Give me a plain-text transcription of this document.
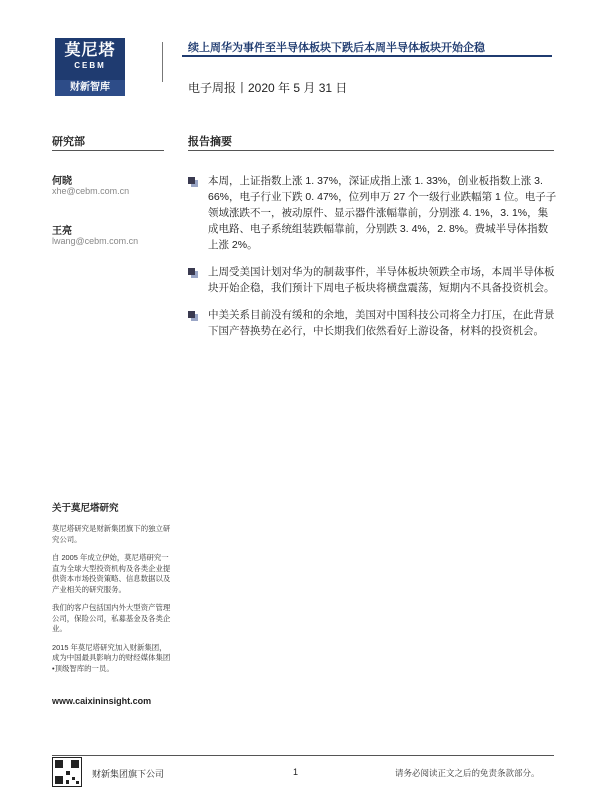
莫尼塔
CEBM
财新智库
续上周华为事件至半导体板块下跌后本周半导体板块开始企稳
电子周报丨2020 年 5 月 31 日
研究部	报告摘要
何晓
xhe@cebm.com.cn
王亮
lwang@cebm.com.cn
本周，上证指数上涨 1. 37%，深证成指上涨 1. 33%，创业板指数上涨 3. 66%，电子行业下跌 0. 47%，位列申万 27 个一级行业跌幅第 1 位。电子子领域涨跌不一，被动原件、显示器件涨幅靠前，分别涨 4. 1%，3. 1%，集成电路、电子系统组装跌幅靠前，分别跌 3. 4%，2. 8%。费城半导体指数上涨 2%。
上周受美国计划对华为的制裁事件，半导体板块领跌全市场，本周半导体板块开始企稳，我们预计下周电子板块将横盘震荡，短期内不具备投资机会。
中美关系目前没有缓和的余地，美国对中国科技公司将全力打压，在此背景下国产替换势在必行，中长期我们依然看好上游设备，材料的投资机会。
关于莫尼塔研究

莫尼塔研究是财新集团旗下的独立研究公司。

自 2005 年成立伊始，莫尼塔研究一直为全球大型投资机构及各类企业提供资本市场投资策略、信息数据以及产业相关的研究服务。

我们的客户包括国内外大型资产管理公司，保险公司，私募基金及各类企业。

2015 年莫尼塔研究加入财新集团，成为中国最具影响力的财经媒体集团•顶级智库的一员。

www.caixininsight.com
财新集团旗下公司	1	请务必阅读正文之后的免责条款部分。
